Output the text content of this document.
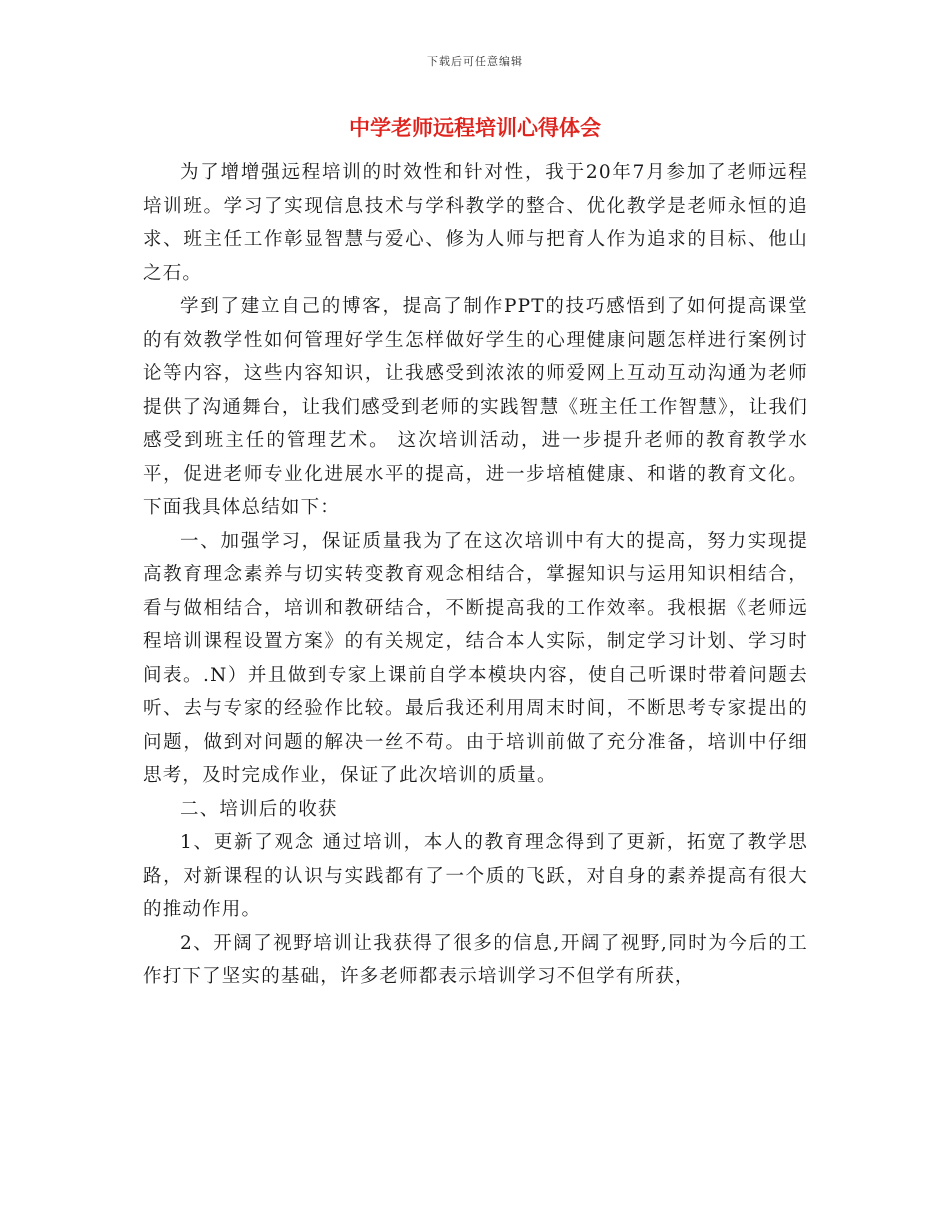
下载后可任意编辑
中学老师远程培训心得体会

为了增增强远程培训的时效性和针对性，我于20年7月参加了老师远程培训班。学习了实现信息技术与学科教学的整合、优化教学是老师永恒的追求、班主任工作彰显智慧与爱心、修为人师与把育人作为追求的目标、他山之石。

学到了建立自己的博客，提高了制作PPT的技巧感悟到了如何提高课堂的有效教学性如何管理好学生怎样做好学生的心理健康问题怎样进行案例讨论等内容，这些内容知识，让我感受到浓浓的师爱网上互动互动沟通为老师提供了沟通舞台，让我们感受到老师的实践智慧《班主任工作智慧》，让我们感受到班主任的管理艺术。 这次培训活动，进一步提升老师的教育教学水平，促进老师专业化进展水平的提高，进一步培植健康、和谐的教育文化。下面我具体总结如下：

一、加强学习，保证质量我为了在这次培训中有大的提高，努力实现提高教育理念素养与切实转变教育观念相结合，掌握知识与运用知识相结合，看与做相结合，培训和教研结合，不断提高我的工作效率。我根据《老师远程培训课程设置方案》的有关规定，结合本人实际，制定学习计划、学习时间表。.N）并且做到专家上课前自学本模块内容，使自己听课时带着问题去听、去与专家的经验作比较。最后我还利用周末时间，不断思考专家提出的问题，做到对问题的解决一丝不苟。由于培训前做了充分准备，培训中仔细思考，及时完成作业，保证了此次培训的质量。

二、培训后的收获

1、更新了观念 通过培训，本人的教育理念得到了更新，拓宽了教学思路，对新课程的认识与实践都有了一个质的飞跃，对自身的素养提高有很大的推动作用。

2、开阔了视野培训让我获得了很多的信息,开阔了视野,同时为今后的工作打下了坚实的基础，许多老师都表示培训学习不但学有所获，
